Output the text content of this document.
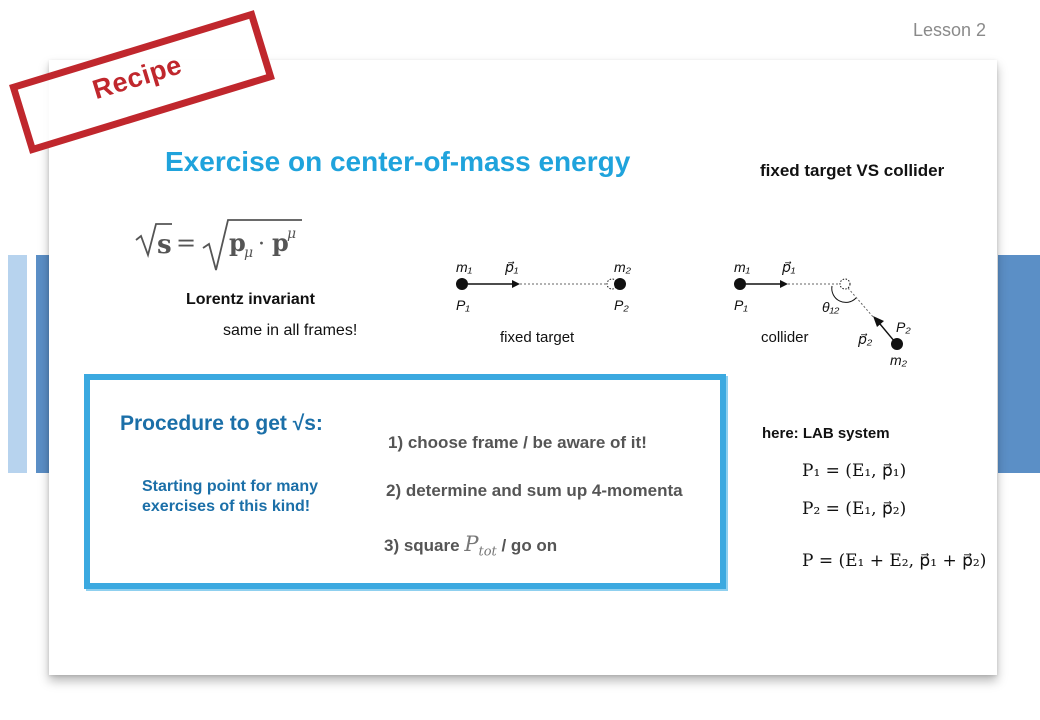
Lesson 2
Recipe
Exercise on center-of-mass energy	fixed target VS collider
s = p
μ · p
μ
m₁ p⃗₁	m₂
P₁	P₂
fixed target
m₁ p⃗₁
P₁	θ₁₂
P₂
p⃗₂
m₂
collider
Lorentz invariant
same in all frames!
Procedure to get √s:
Starting point for many
exercises of this kind!
1) choose frame / be aware of it!
2) determine and sum up 4-momenta
3) square $P_{tot}$ / go on
here: LAB system
P₁ = (E₁, p⃗₁)
P₂ = (E₁, p⃗₂)
P = (E₁ + E₂, p⃗₁ + p⃗₂)
